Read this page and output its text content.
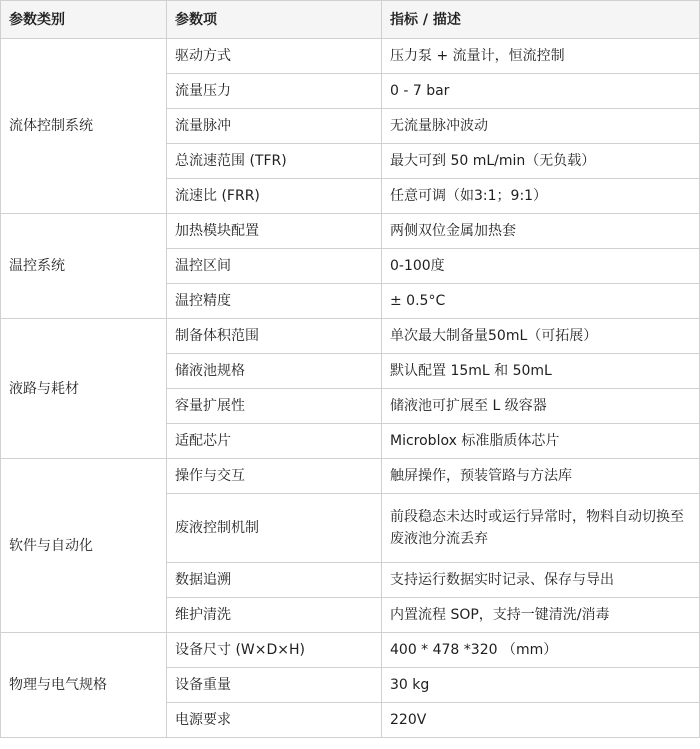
参数类别	参数项	指标 / 描述
流体控制系统	驱动方式	压力泵 + 流量计，恒流控制
	流量压力	0 - 7 bar
	流量脉冲	无流量脉冲波动
	总流速范围 (TFR)	最大可到 50 mL/min（无负载）
	流速比 (FRR)	任意可调（如3:1；9:1）
温控系统	加热模块配置	两侧双位金属加热套
	温控区间	0-100度
	温控精度	± 0.5°C
液路与耗材	制备体积范围	单次最大制备量50mL（可拓展）
	储液池规格	默认配置 15mL 和 50mL
	容量扩展性	储液池可扩展至 L 级容器
	适配芯片	Microblox 标准脂质体芯片
软件与自动化	操作与交互	触屏操作，预装管路与方法库
	废液控制机制	前段稳态未达时或运行异常时，物料自动切换至废液池分流丢弃
	数据追溯	支持运行数据实时记录、保存与导出
	维护清洗	内置流程 SOP，支持一键清洗/消毒
物理与电气规格	设备尺寸 (W×D×H)	400 * 478 *320 （mm）
	设备重量	30 kg
	电源要求	220V
